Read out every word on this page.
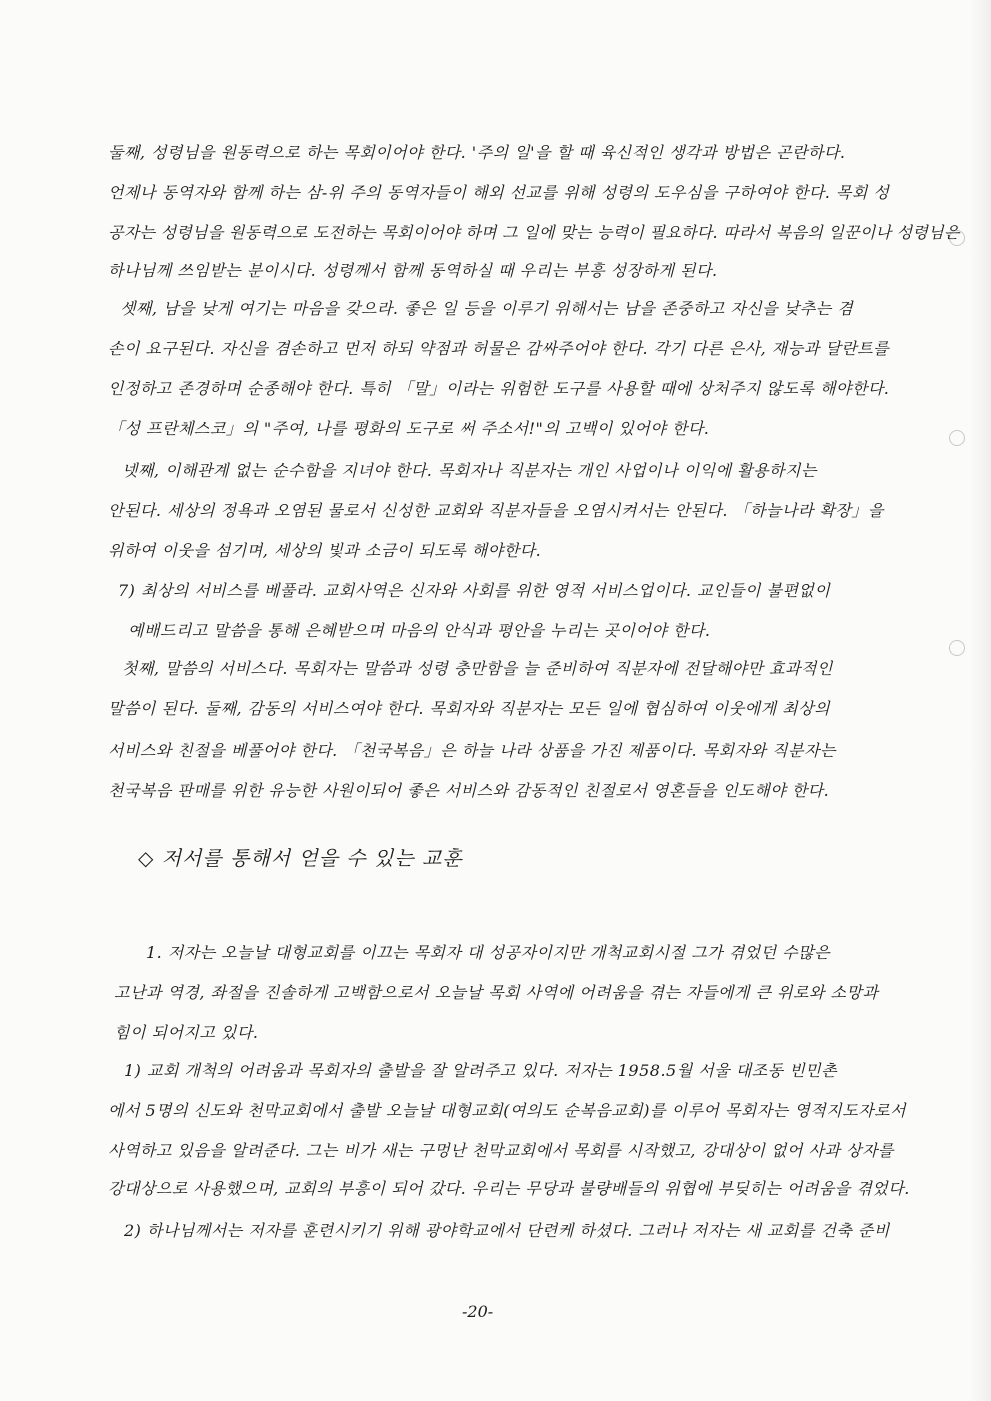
둘째, 성령님을 원동력으로 하는 목회이어야 한다. '주의 일'을 할 때 육신적인 생각과 방법은 곤란하다.
언제나 동역자와 함께 하는 삼-위 주의 동역자들이 해외 선교를 위해 성령의 도우심을 구하여야 한다. 목회 성
공자는 성령님을 원동력으로 도전하는 목회이어야 하며 그 일에 맞는 능력이 필요하다. 따라서 복음의 일꾼이나 성령님은
하나님께 쓰임받는 분이시다. 성령께서 함께 동역하실 때 우리는 부흥 성장하게 된다.
셋째, 남을 낮게 여기는 마음을 갖으라. 좋은 일 등을 이루기 위해서는 남을 존중하고 자신을 낮추는 겸
손이 요구된다. 자신을 겸손하고 먼저 하되 약점과 허물은 감싸주어야 한다. 각기 다른 은사, 재능과 달란트를
인정하고 존경하며 순종해야 한다. 특히 「말」이라는 위험한 도구를 사용할 때에 상처주지 않도록 해야한다.
「성 프란체스코」의 "주여, 나를 평화의 도구로 써 주소서!"의 고백이 있어야 한다.
넷째, 이해관계 없는 순수함을 지녀야 한다. 목회자나 직분자는 개인 사업이나 이익에 활용하지는
안된다. 세상의 정욕과 오염된 물로서 신성한 교회와 직분자들을 오염시켜서는 안된다. 「하늘나라 확장」을
위하여 이웃을 섬기며, 세상의 빛과 소금이 되도록 해야한다.
7) 최상의 서비스를 베풀라. 교회사역은 신자와 사회를 위한 영적 서비스업이다. 교인들이 불편없이
예배드리고 말씀을 통해 은혜받으며 마음의 안식과 평안을 누리는 곳이어야 한다.
첫째, 말씀의 서비스다. 목회자는 말씀과 성령 충만함을 늘 준비하여 직분자에 전달해야만 효과적인
말씀이 된다. 둘째, 감동의 서비스여야 한다. 목회자와 직분자는 모든 일에 협심하여 이웃에게 최상의
서비스와 친절을 베풀어야 한다. 「천국복음」은 하늘 나라 상품을 가진 제품이다. 목회자와 직분자는
천국복음 판매를 위한 유능한 사원이되어 좋은 서비스와 감동적인 친절로서 영혼들을 인도해야 한다.
◇ 저서를 통해서 얻을 수 있는 교훈
1. 저자는 오늘날 대형교회를 이끄는 목회자 대 성공자이지만 개척교회시절 그가 겪었던 수많은
고난과 역경, 좌절을 진솔하게 고백함으로서 오늘날 목회 사역에 어려움을 겪는 자들에게 큰 위로와 소망과
힘이 되어지고 있다.
1) 교회 개척의 어려움과 목회자의 출발을 잘 알려주고 있다. 저자는 1958.5월 서울 대조동 빈민촌
에서 5명의 신도와 천막교회에서 출발 오늘날 대형교회(여의도 순복음교회)를 이루어 목회자는 영적지도자로서
사역하고 있음을 알려준다. 그는 비가 새는 구멍난 천막교회에서 목회를 시작했고, 강대상이 없어 사과 상자를
강대상으로 사용했으며, 교회의 부흥이 되어 갔다. 우리는 무당과 불량배들의 위협에 부딪히는 어려움을 겪었다.
2) 하나님께서는 저자를 훈련시키기 위해 광야학교에서 단련케 하셨다. 그러나 저자는 새 교회를 건축 준비
-20-
